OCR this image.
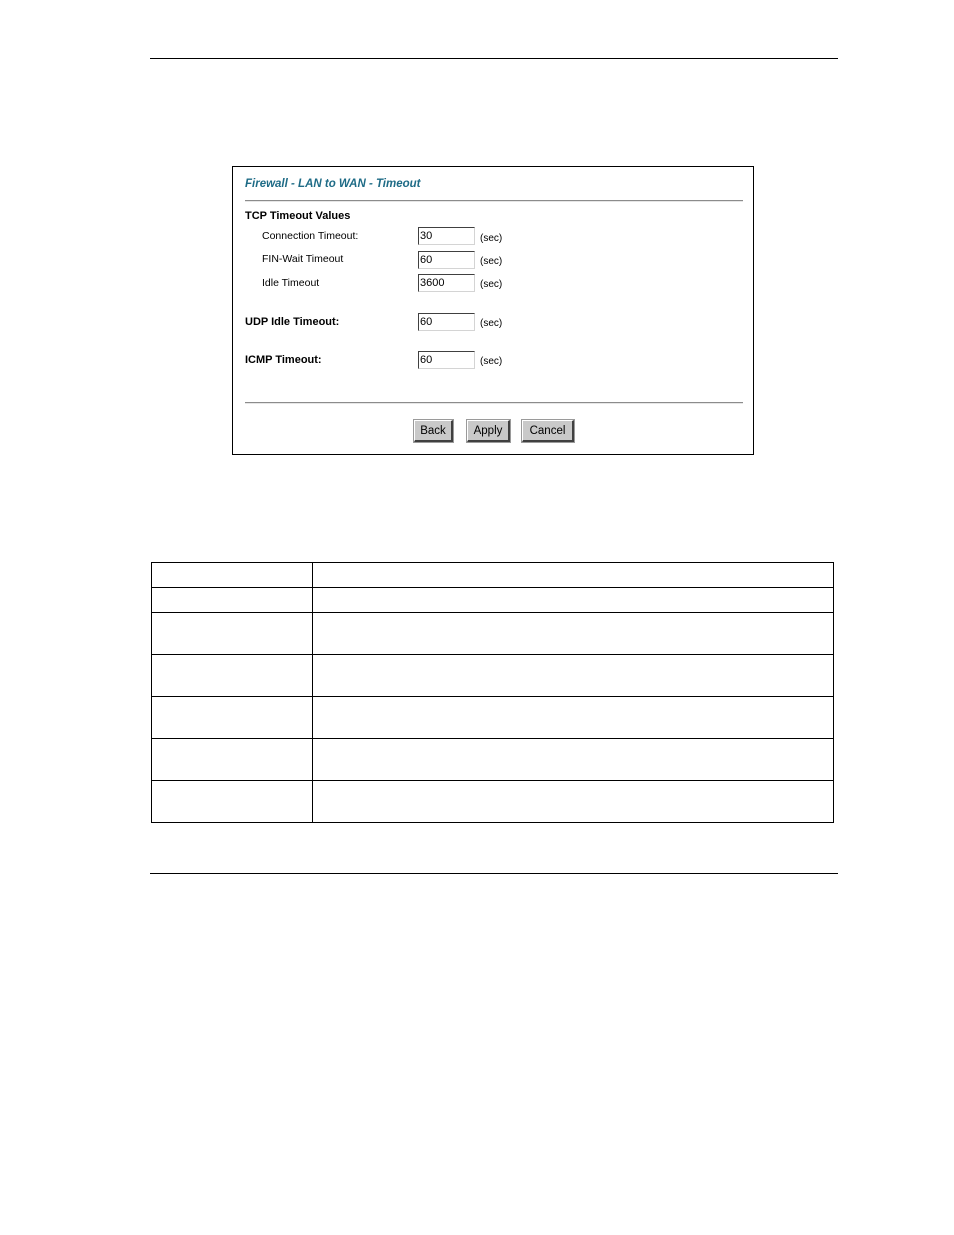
Firewall - LAN to WAN - Timeout
TCP Timeout Values
Connection Timeout:
30	(sec)
FIN-Wait Timeout
60	(sec)
Idle Timeout
3600	(sec)
UDP Idle Timeout:
60	(sec)
ICMP Timeout:
60	(sec)
Back	Apply	Cancel
